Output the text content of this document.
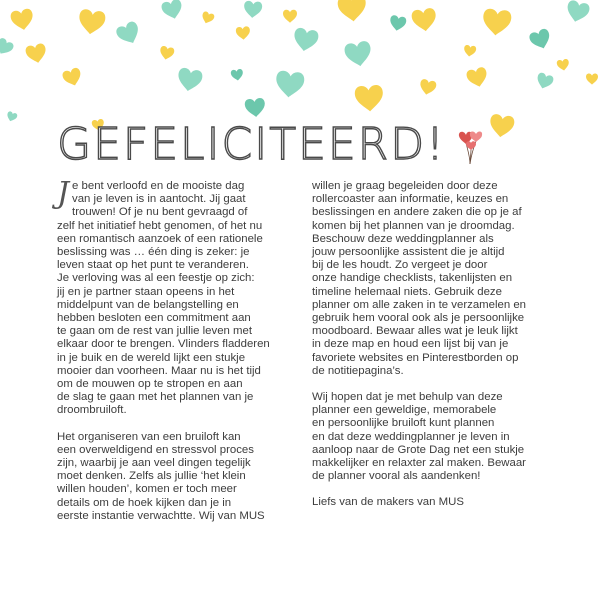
GEFELICITEERD!

Je bent verloofd en de mooiste dag
van je leven is in aantocht. Jij gaat
trouwen! Of je nu bent gevraagd of
zelf het initiatief hebt genomen, of het nu
een romantisch aanzoek of een rationele
beslissing was … één ding is zeker: je
leven staat op het punt te veranderen.
Je verloving was al een feestje op zich:
jij en je partner staan opeens in het
middelpunt van de belangstelling en
hebben besloten een commitment aan
te gaan om de rest van jullie leven met
elkaar door te brengen. Vlinders fladderen
in je buik en de wereld lijkt een stukje
mooier dan voorheen. Maar nu is het tijd
om de mouwen op te stropen en aan
de slag te gaan met het plannen van je
droombruiloft.

Het organiseren van een bruiloft kan
een overweldigend en stressvol proces
zijn, waarbij je aan veel dingen tegelijk
moet denken. Zelfs als jullie ‘het klein
willen houden’, komen er toch meer
details om de hoek kijken dan je in
eerste instantie verwachtte. Wij van MUS

willen je graag begeleiden door deze
rollercoaster aan informatie, keuzes en
beslissingen en andere zaken die op je af
komen bij het plannen van je droomdag.
Beschouw deze weddingplanner als
jouw persoonlijke assistent die je altijd
bij de les houdt. Zo vergeet je door
onze handige checklists, takenlijsten en
timeline helemaal niets. Gebruik deze
planner om alle zaken in te verzamelen en
gebruik hem vooral ook als je persoonlijke
moodboard. Bewaar alles wat je leuk lijkt
in deze map en houd een lijst bij van je
favoriete websites en Pinterestborden op
de notitiepagina’s.

Wij hopen dat je met behulp van deze
planner een geweldige, memorabele
en persoonlijke bruiloft kunt plannen
en dat deze weddingplanner je leven in
aanloop naar de Grote Dag net een stukje
makkelijker en relaxter zal maken. Bewaar
de planner vooral als aandenken!

Liefs van de makers van MUS
